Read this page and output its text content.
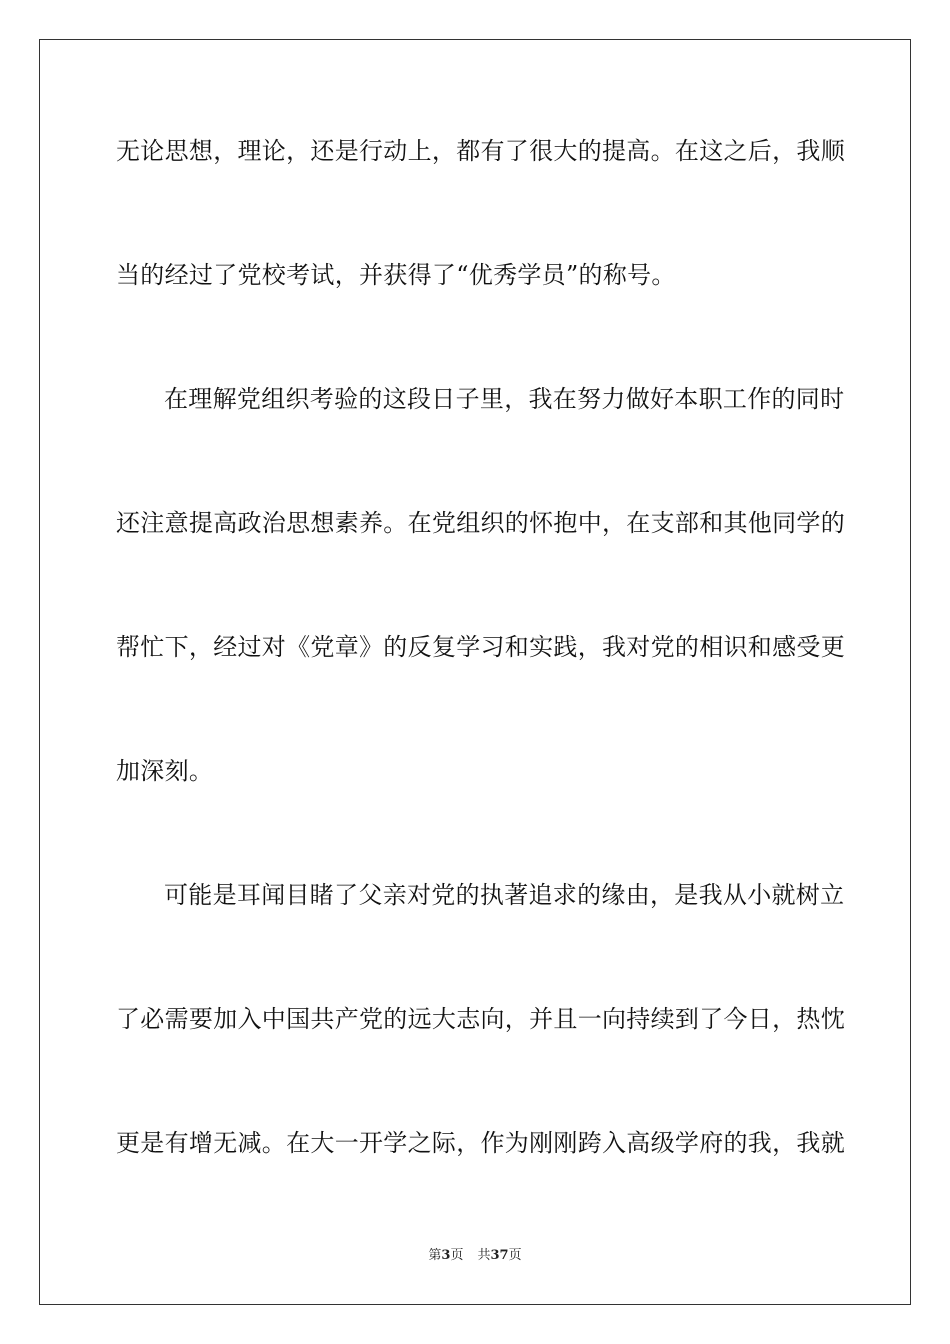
无论思想，理论，还是行动上，都有了很大的提高。在这之后，我顺
当的经过了党校考试，并获得了“优秀学员”的称号。
在理解党组织考验的这段日子里，我在努力做好本职工作的同时
还注意提高政治思想素养。在党组织的怀抱中，在支部和其他同学的
帮忙下，经过对《党章》的反复学习和实践，我对党的相识和感受更
加深刻。
可能是耳闻目睹了父亲对党的执著追求的缘由，是我从小就树立
了必需要加入中国共产党的远大志向，并且一向持续到了今日，热忱
更是有增无减。在大一开学之际，作为刚刚跨入高级学府的我，我就
第3页 共37页
